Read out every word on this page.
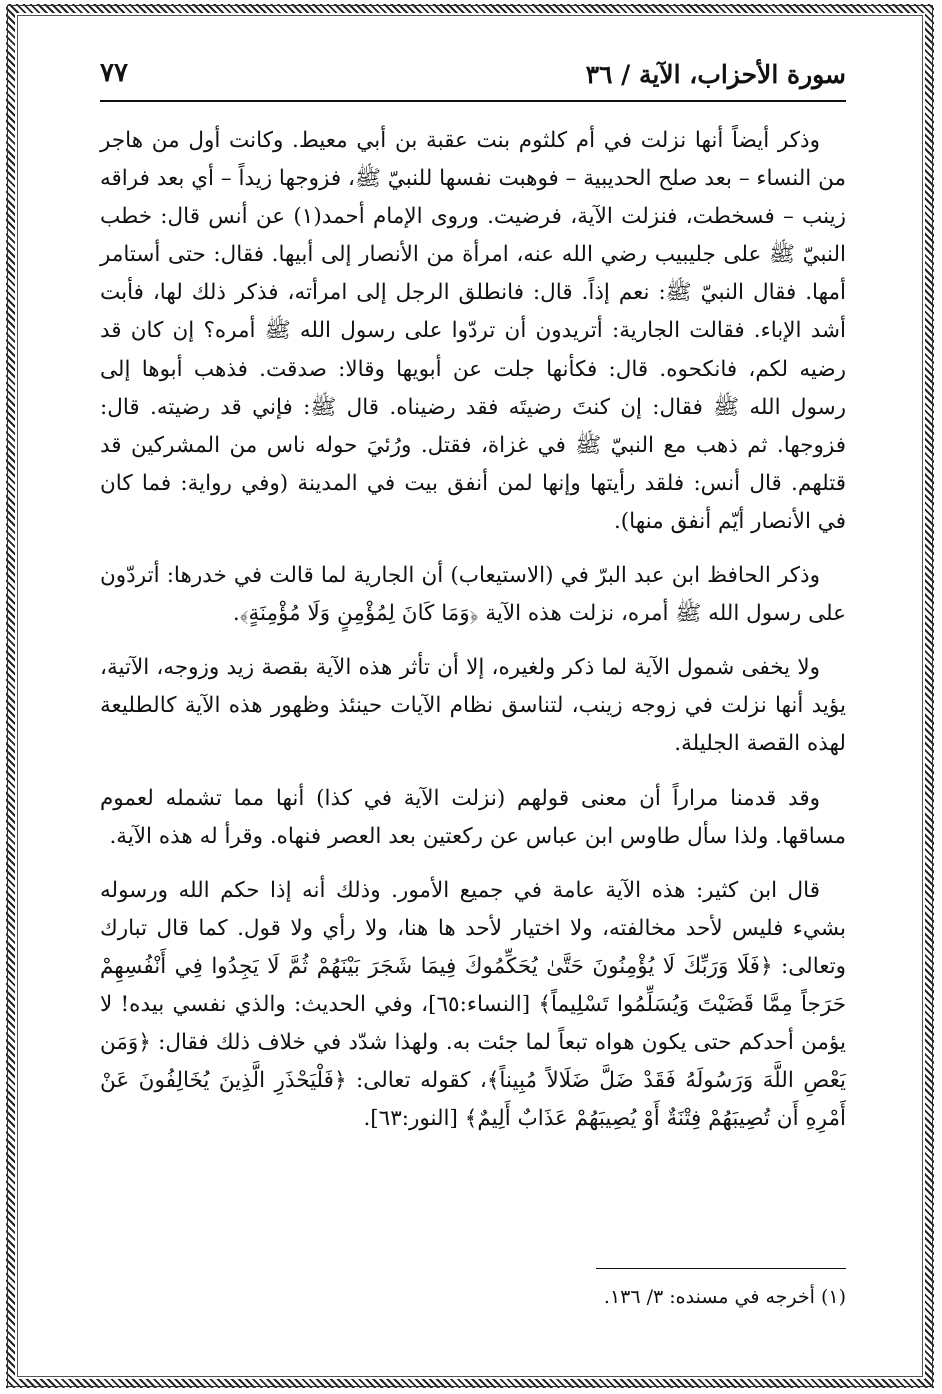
سورة الأحزاب، الآية / ٣٦
٧٧

وذكر أيضاً أنها نزلت في أم كلثوم بنت عقبة بن أبي معيط. وكانت أول من هاجر من النساء – بعد صلح الحديبية – فوهبت نفسها للنبيّ ﷺ، فزوجها زيداً – أي بعد فراقه زينب – فسخطت، فنزلت الآية، فرضيت. وروى الإمام أحمد(١) عن أنس قال: خطب النبيّ ﷺ على جليبيب رضي الله عنه، امرأة من الأنصار إلى أبيها. فقال: حتى أستامر أمها. فقال النبيّ ﷺ: نعم إذاً. قال: فانطلق الرجل إلى امرأته، فذكر ذلك لها، فأبت أشد الإباء. فقالت الجارية: أتريدون أن تردّوا على رسول الله ﷺ أمره؟ إن كان قد رضيه لكم، فانكحوه. قال: فكأنها جلت عن أبويها وقالا: صدقت. فذهب أبوها إلى رسول الله ﷺ فقال: إن كنتَ رضيتَه فقد رضيناه. قال ﷺ: فإني قد رضيته. قال: فزوجها. ثم ذهب مع النبيّ ﷺ في غزاة، فقتل. ورُئيَ حوله ناس من المشركين قد قتلهم. قال أنس: فلقد رأيتها وإنها لمن أنفق بيت في المدينة (وفي رواية: فما كان في الأنصار أيّم أنفق منها).

وذكر الحافظ ابن عبد البرّ في (الاستيعاب) أن الجارية لما قالت في خدرها: أتردّون على رسول الله ﷺ أمره، نزلت هذه الآية ﴿وَمَا كَانَ لِمُؤْمِنٍ وَلَا مُؤْمِنَةٍ﴾.

ولا يخفى شمول الآية لما ذكر ولغيره، إلا أن تأثر هذه الآية بقصة زيد وزوجه، الآتية، يؤيد أنها نزلت في زوجه زينب، لتناسق نظام الآيات حينئذ وظهور هذه الآية كالطليعة لهذه القصة الجليلة.

وقد قدمنا مراراً أن معنى قولهم (نزلت الآية في كذا) أنها مما تشمله لعموم مساقها. ولذا سأل طاوس ابن عباس عن ركعتين بعد العصر فنهاه. وقرأ له هذه الآية.

قال ابن كثير: هذه الآية عامة في جميع الأمور. وذلك أنه إذا حكم الله ورسوله بشيء فليس لأحد مخالفته، ولا اختيار لأحد ها هنا، ولا رأي ولا قول. كما قال تبارك وتعالى: ﴿فَلَا وَرَبِّكَ لَا يُؤْمِنُونَ حَتَّىٰ يُحَكِّمُوكَ فِيمَا شَجَرَ بَيْنَهُمْ ثُمَّ لَا يَجِدُوا فِي أَنْفُسِهِمْ حَرَجاً مِمَّا قَضَيْتَ وَيُسَلِّمُوا تَسْلِيماً﴾ [النساء:٦٥]، وفي الحديث: والذي نفسي بيده! لا يؤمن أحدكم حتى يكون هواه تبعاً لما جئت به. ولهذا شدّد في خلاف ذلك فقال: ﴿وَمَن يَعْصِ اللَّهَ وَرَسُولَهُ فَقَدْ ضَلَّ ضَلَالاً مُبِيناً﴾، كقوله تعالى: ﴿فَلْيَحْذَرِ الَّذِينَ يُخَالِفُونَ عَنْ أَمْرِهِ أَن تُصِيبَهُمْ فِتْنَةٌ أَوْ يُصِيبَهُمْ عَذَابٌ أَلِيمٌ﴾ [النور:٦٣].

(١) أخرجه في مسنده: ٣/ ١٣٦.
